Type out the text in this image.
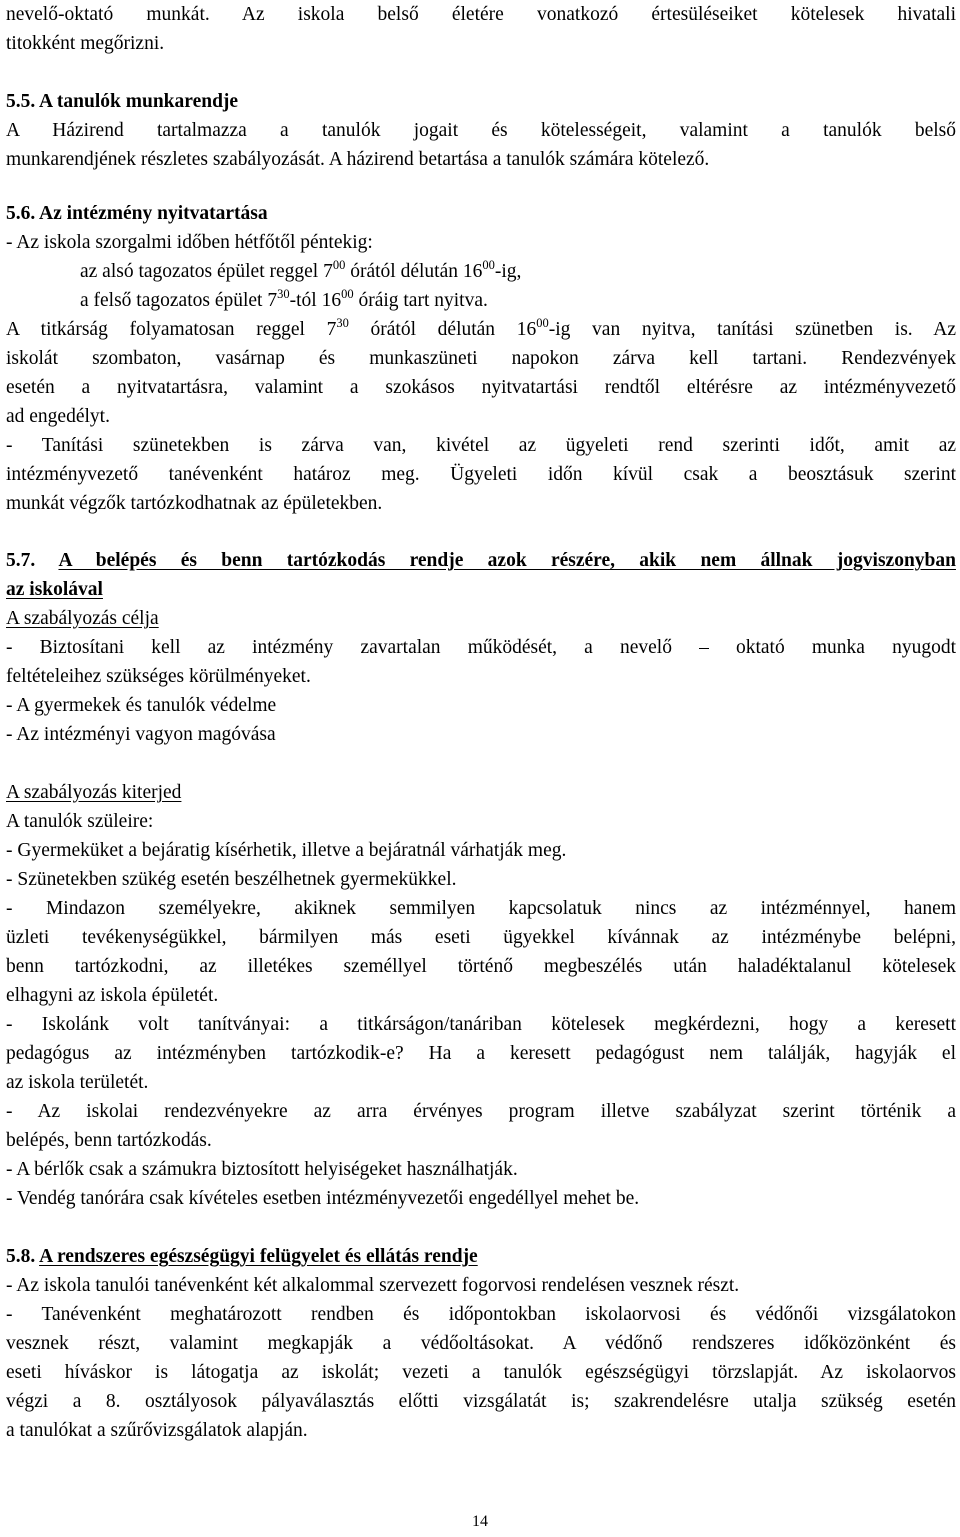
nevelő-oktató munkát. Az iskola belső életére vonatkozó értesüléseiket kötelesek hivatali
titokként megőrizni.
5.5. A tanulók munkarendje
A Házirend tartalmazza a tanulók jogait és kötelességeit, valamint a tanulók belső
munkarendjének részletes szabályozását. A házirend betartása a tanulók számára kötelező.
5.6. Az intézmény nyitvatartása
- Az iskola szorgalmi időben hétfőtől péntekig:
az alsó tagozatos épület reggel $7^{00}$ órától délután $16^{00}-ig$,
a felső tagozatos épület $7^{30}$-tól $16^{00}$ óráig tart nyitva.
A titkárság folyamatosan reggel $7^{30}$ órától délután $16^{00}-ig$ van nyitva, tanítási szünetben is. Az
iskolát szombaton, vasárnap és munkaszüneti napokon zárva kell tartani. Rendezvények
esetén a nyitvatartásra, valamint a szokásos nyitvatartási rendtől eltérésre az intézményvezető
ad engedélyt.
- Tanítási szünetekben is zárva van, kivétel az ügyeleti rend szerinti időt, amit az
intézményvezető tanévenként határoz meg. Ügyeleti időn kívül csak a beosztásuk szerint
munkát végzők tartózkodhatnak az épületekben.
5.7. A belépés és benn tartózkodás rendje azok részére, akik nem állnak jogviszonyban
az iskolával
A szabályozás célja
- Biztosítani kell az intézmény zavartalan működését, a nevelő – oktató munka nyugodt
feltételeihez szükséges körülményeket.
- A gyermekek és tanulók védelme
- Az intézményi vagyon magóvása
A szabályozás kiterjed
A tanulók szüleire:
- Gyermeküket a bejáratig kísérhetik, illetve a bejáratnál várhatják meg.
- Szünetekben szükég esetén beszélhetnek gyermekükkel.
- Mindazon személyekre, akiknek semmilyen kapcsolatuk nincs az intézménnyel, hanem
üzleti tevékenységükkel, bármilyen más eseti ügyekkel kívánnak az intézménybe belépni,
benn tartózkodni, az illetékes személlyel történő megbeszélés után haladéktalanul kötelesek
elhagyni az iskola épületét.
- Iskolánk volt tanítványai: a titkárságon/tanáriban kötelesek megkérdezni, hogy a keresett
pedagógus az intézményben tartózkodik-e? Ha a keresett pedagógust nem találják, hagyják el
az iskola területét.
- Az iskolai rendezvényekre az arra érvényes program illetve szabályzat szerint történik a
belépés, benn tartózkodás.
- A bérlők csak a számukra biztosított helyiségeket használhatják.
- Vendég tanórára csak kívételes esetben intézményvezetői engedéllyel mehet be.
5.8. A rendszeres egészségügyi felügyelet és ellátás rendje
- Az iskola tanulói tanévenként két alkalommal szervezett fogorvosi rendelésen vesznek részt.
- Tanévenként meghatározott rendben és időpontokban iskolaorvosi és védőnői vizsgálatokon
vesznek részt, valamint megkapják a védőoltásokat. A védőnő rendszeres időközönként és
eseti híváskor is látogatja az iskolát; vezeti a tanulók egészségügyi törzslapját. Az iskolaorvos
végzi a 8. osztályosok pályaválasztás előtti vizsgálatát is; szakrendelésre utalja szükség esetén
a tanulókat a szűrővizsgálatok alapján.
14
